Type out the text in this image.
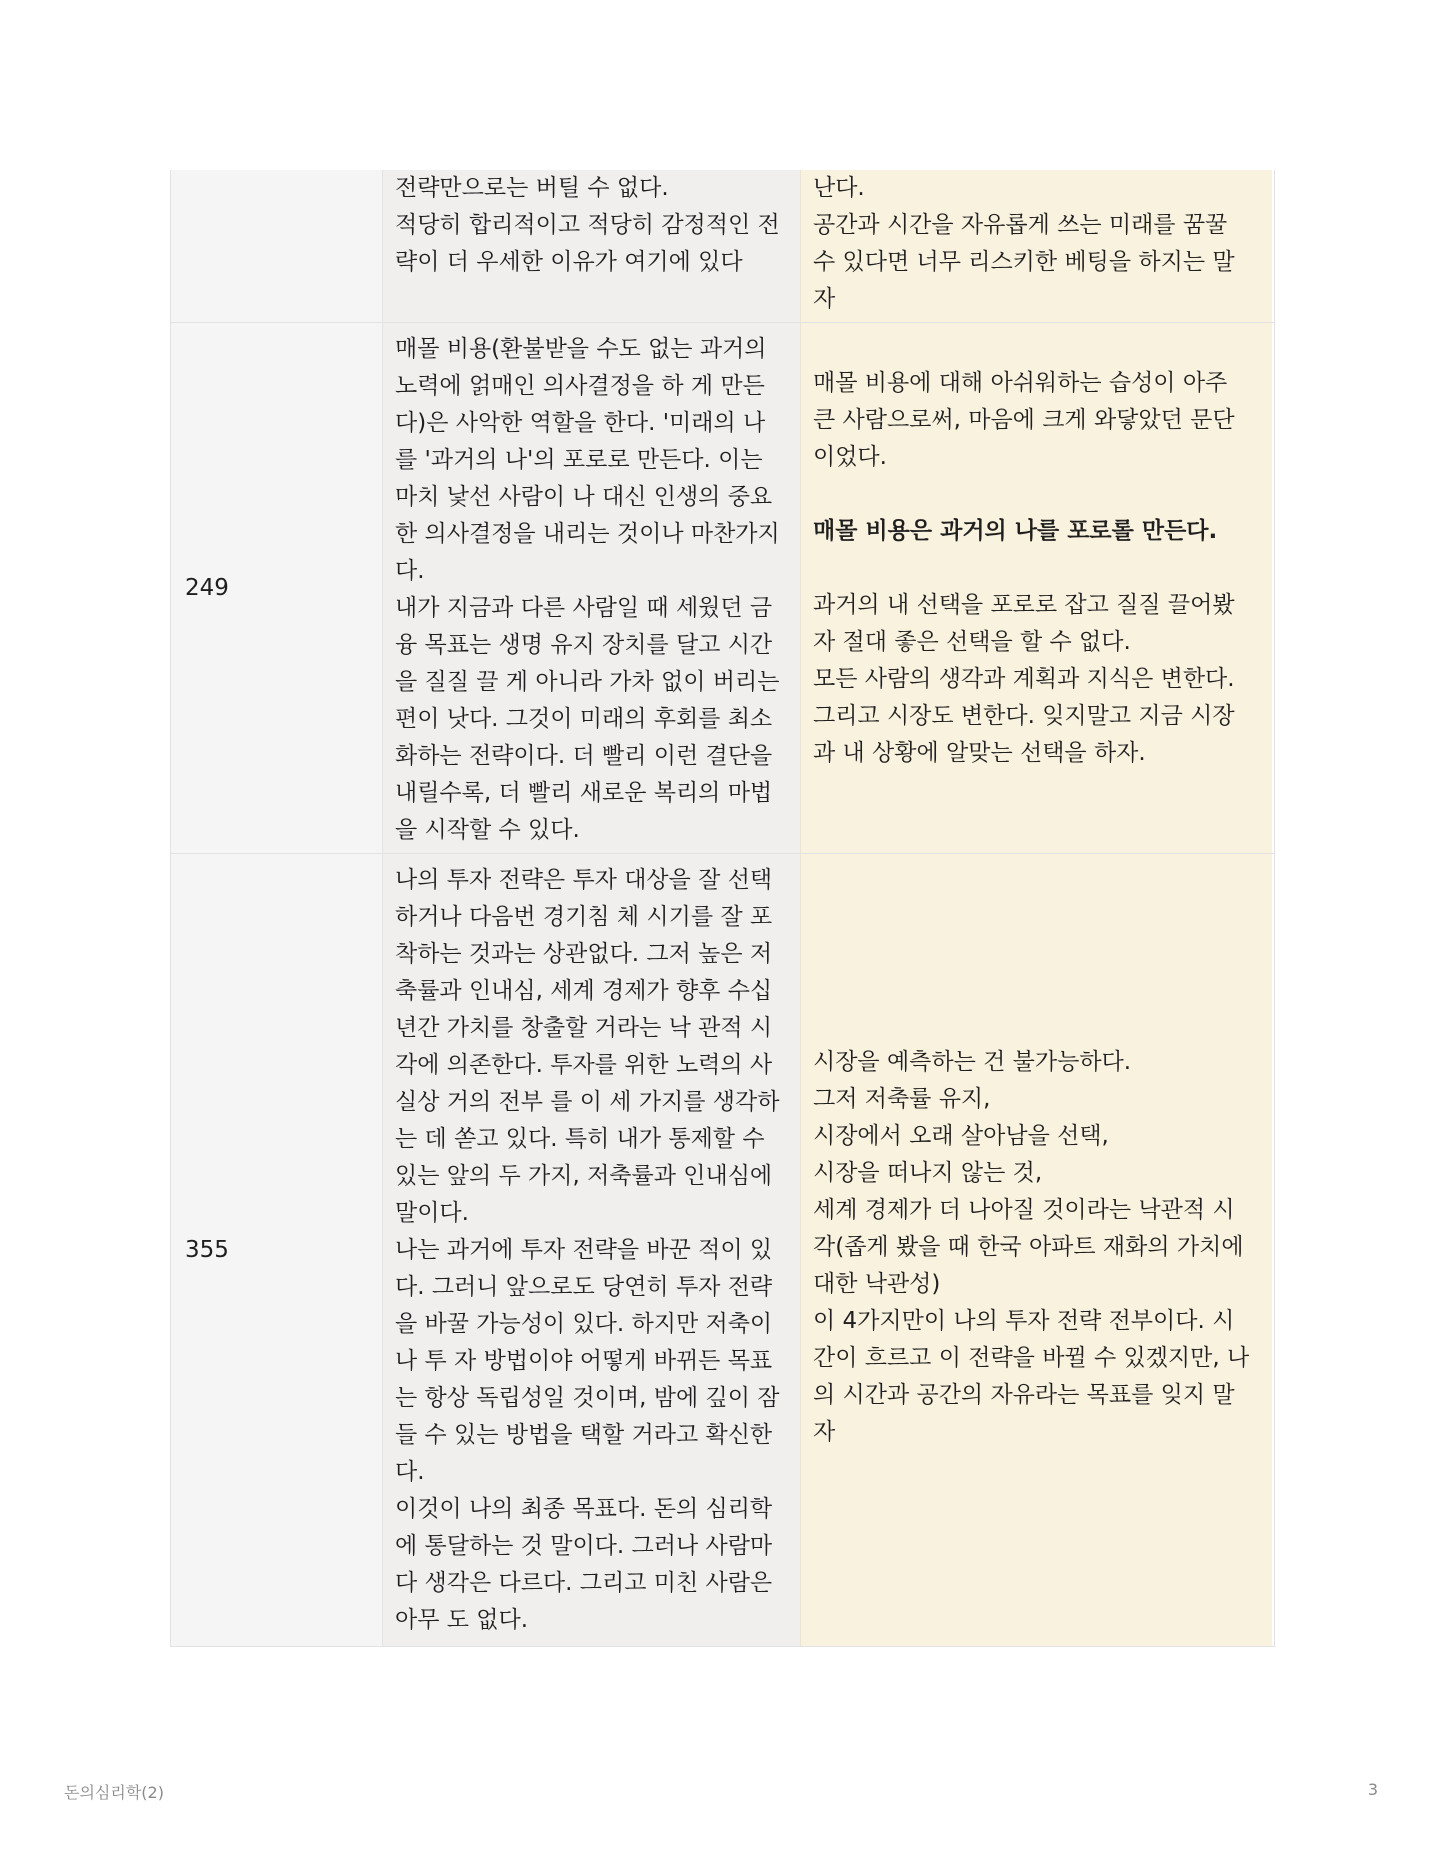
전략만으로는 버틸 수 없다.
적당히 합리적이고 적당히 감정적인 전
략이 더 우세한 이유가 여기에 있다

난다.
공간과 시간을 자유롭게 쓰는 미래를 꿈꿀
수 있다면 너무 리스키한 베팅을 하지는 말
자

249

매몰 비용(환불받을 수도 없는 과거의
노력에 얽매인 의사결정을 하 게 만든
다)은 사악한 역할을 한다. '미래의 나
를 '과거의 나'의 포로로 만든다. 이는
마치 낯선 사람이 나 대신 인생의 중요
한 의사결정을 내리는 것이나 마찬가지
다.
내가 지금과 다른 사람일 때 세웠던 금
융 목표는 생명 유지 장치를 달고 시간
을 질질 끌 게 아니라 가차 없이 버리는
편이 낫다. 그것이 미래의 후회를 최소
화하는 전략이다. 더 빨리 이런 결단을
내릴수록, 더 빨리 새로운 복리의 마법
을 시작할 수 있다.

매몰 비용에 대해 아쉬워하는 습성이 아주
큰 사람으로써, 마음에 크게 와닿았던 문단
이었다.

매몰 비용은 과거의 나를 포로롤 만든다.

과거의 내 선택을 포로로 잡고 질질 끌어봤
자 절대 좋은 선택을 할 수 없다.
모든 사람의 생각과 계획과 지식은 변한다.
그리고 시장도 변한다. 잊지말고 지금 시장
과 내 상황에 알맞는 선택을 하자.

355

나의 투자 전략은 투자 대상을 잘 선택
하거나 다음번 경기침 체 시기를 잘 포
착하는 것과는 상관없다. 그저 높은 저
축률과 인내심, 세계 경제가 향후 수십
년간 가치를 창출할 거라는 낙 관적 시
각에 의존한다. 투자를 위한 노력의 사
실상 거의 전부 를 이 세 가지를 생각하
는 데 쏟고 있다. 특히 내가 통제할 수
있는 앞의 두 가지, 저축률과 인내심에
말이다.
나는 과거에 투자 전략을 바꾼 적이 있
다. 그러니 앞으로도 당연히 투자 전략
을 바꿀 가능성이 있다. 하지만 저축이
나 투 자 방법이야 어떻게 바뀌든 목표
는 항상 독립성일 것이며, 밤에 깊이 잠
들 수 있는 방법을 택할 거라고 확신한
다.
이것이 나의 최종 목표다. 돈의 심리학
에 통달하는 것 말이다. 그러나 사람마
다 생각은 다르다. 그리고 미친 사람은
아무 도 없다.

시장을 예측하는 건 불가능하다.
그저 저축률 유지,
시장에서 오래 살아남을 선택,
시장을 떠나지 않는 것,
세계 경제가 더 나아질 것이라는 낙관적 시
각(좁게 봤을 때 한국 아파트 재화의 가치에
대한 낙관성)
이 4가지만이 나의 투자 전략 전부이다. 시
간이 흐르고 이 전략을 바뀔 수 있겠지만, 나
의 시간과 공간의 자유라는 목표를 잊지 말
자

돈의심리학(2)	3
